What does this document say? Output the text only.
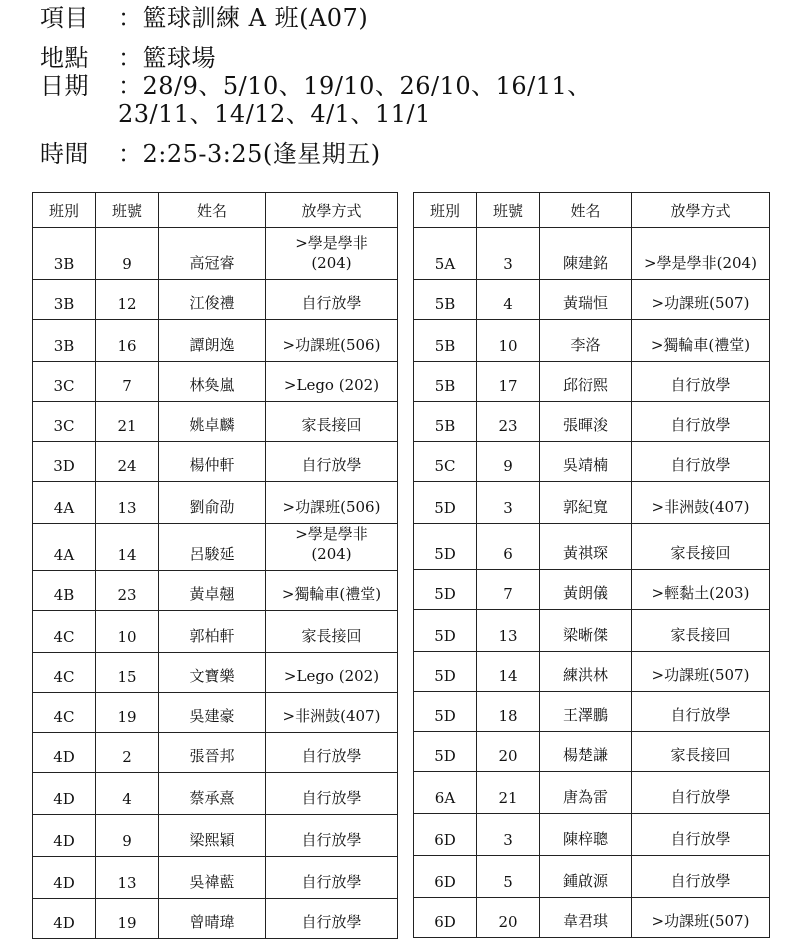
項目 ：籃球訓練 A 班(A07)
地點 ：籃球場
日期 ：28/9、5/10、19/10、26/10、16/11、
23/11、14/12、4/1、11/1
時間 ：2:25-3:25(逢星期五)
班別	班號	姓名	放學方式
3B	9	高冠睿	>學是學非
(204)
3B	12	江俊禮	自行放學
3B	16	譚朗逸	>功課班(506)
3C	7	林奐嵐	>Lego (202)
3C	21	姚卓麟	家長接回
3D	24	楊仲軒	自行放學
4A	13	劉俞劭	>功課班(506)
4A	14	呂駿延	>學是學非
(204)
4B	23	黃卓翹	>獨輪車(禮堂)
4C	10	郭柏軒	家長接回
4C	15	文寶樂	>Lego (202)
4C	19	吳建豪	>非洲鼓(407)
4D	2	張晉邦	自行放學
4D	4	蔡承熹	自行放學
4D	9	梁熙穎	自行放學
4D	13	吳禕藍	自行放學
4D	19	曾晴瑋	自行放學
班別	班號	姓名	放學方式
5A	3	陳建銘	>學是學非(204)
5B	4	黃瑞恒	>功課班(507)
5B	10	李洛	>獨輪車(禮堂)
5B	17	邱衍熙	自行放學
5B	23	張暉浚	自行放學
5C	9	吳靖楠	自行放學
5D	3	郭紀寬	>非洲鼓(407)
5D	6	黃祺琛	家長接回
5D	7	黃朗儀	>輕黏土(203)
5D	13	梁晰傑	家長接回
5D	14	練洪林	>功課班(507)
5D	18	王澤鵬	自行放學
5D	20	楊楚謙	家長接回
6A	21	唐為雷	自行放學
6D	3	陳梓聰	自行放學
6D	5	鍾啟源	自行放學
6D	20	韋君琪	>功課班(507)
